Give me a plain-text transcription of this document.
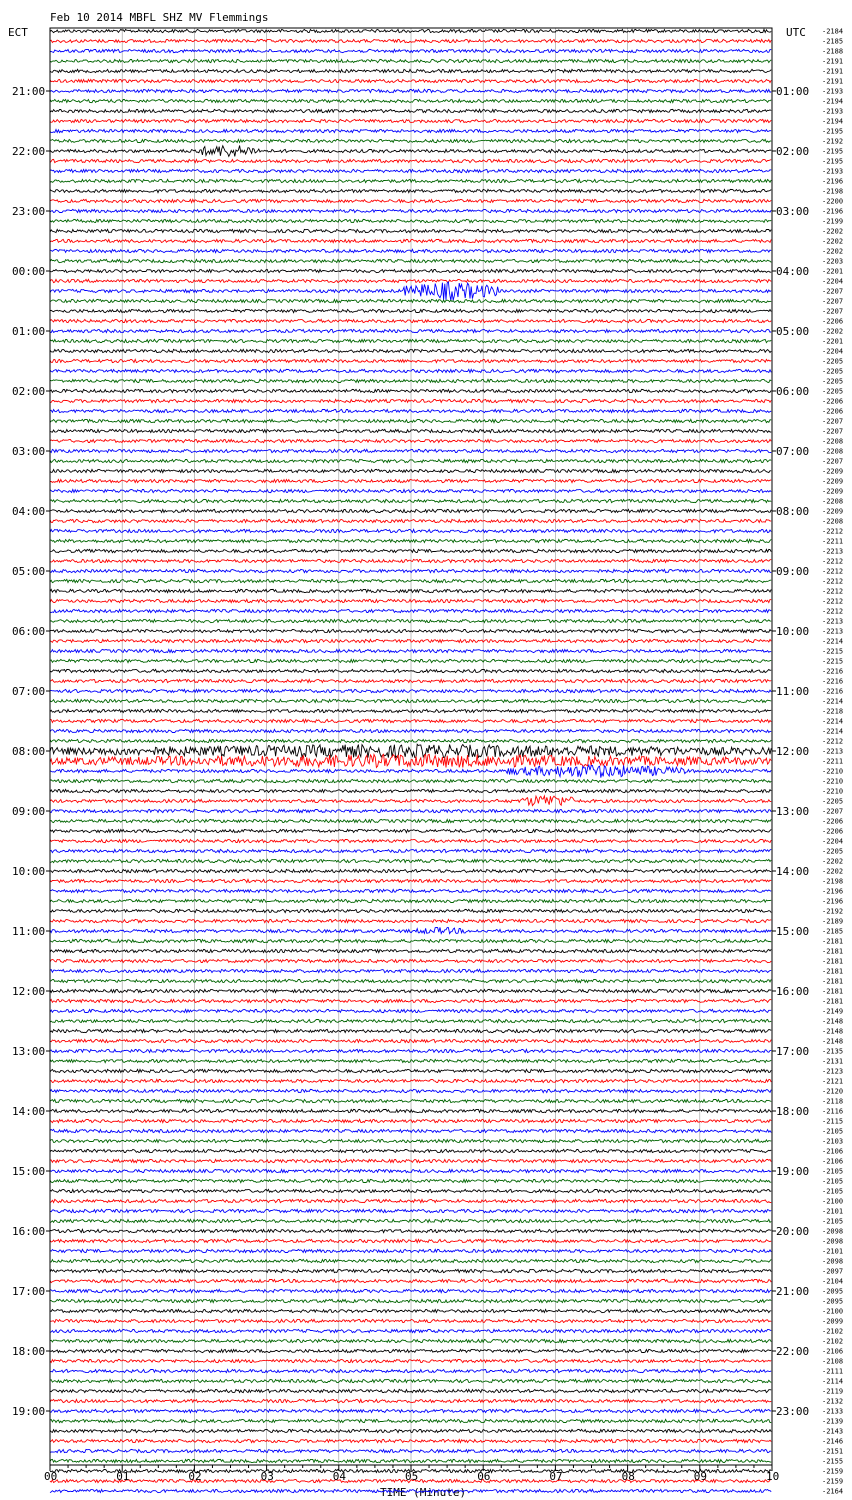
Feb 10 2014 MBFL SHZ MV Flemmings
ECT	UTC
TIME (Minute)
21:00
22:00
23:00
00:00
01:00
02:00
03:00
04:00
05:00
06:00
07:00
08:00
09:00
10:00
11:00
12:00
13:00
14:00
15:00
16:00
17:00
18:00
19:00
01:00
02:00
03:00
04:00
05:00
06:00
07:00
08:00
09:00
10:00
11:00
12:00
13:00
14:00
15:00
16:00
17:00
18:00
19:00
20:00
21:00
22:00
23:00
-2184
-2185
-2188
-2191
-2191
-2191
-2193
-2194
-2193
-2194
-2195
-2192
-2195
-2195
-2193
-2196
-2198
-2200
-2196
-2199
-2202
-2202
-2202
-2203
-2201
-2204
-2207
-2207
-2207
-2206
-2202
-2201
-2204
-2205
-2205
-2205
-2205
-2206
-2206
-2207
-2207
-2208
-2208
-2207
-2209
-2209
-2209
-2208
-2209
-2208
-2212
-2211
-2213
-2212
-2212
-2212
-2212
-2212
-2212
-2213
-2213
-2214
-2215
-2215
-2216
-2216
-2216
-2214
-2218
-2214
-2214
-2212
-2213
-2211
-2210
-2210
-2210
-2205
-2207
-2206
-2206
-2204
-2205
-2202
-2202
-2198
-2196
-2196
-2192
-2189
-2185
-2181
-2181
-2181
-2181
-2181
-2181
-2181
-2149
-2148
-2148
-2148
-2135
-2131
-2123
-2121
-2120
-2118
-2116
-2115
-2105
-2103
-2106
-2106
-2105
-2105
-2105
-2100
-2101
-2105
-2098
-2098
-2101
-2098
-2097
-2104
-2095
-2095
-2100
-2099
-2102
-2102
-2106
-2108
-2111
-2114
-2119
-2132
-2133
-2139
-2143
-2146
-2151
-2155
-2159
-2159
-2164
00	01	02	03	04	05	06	07	08	09	10
